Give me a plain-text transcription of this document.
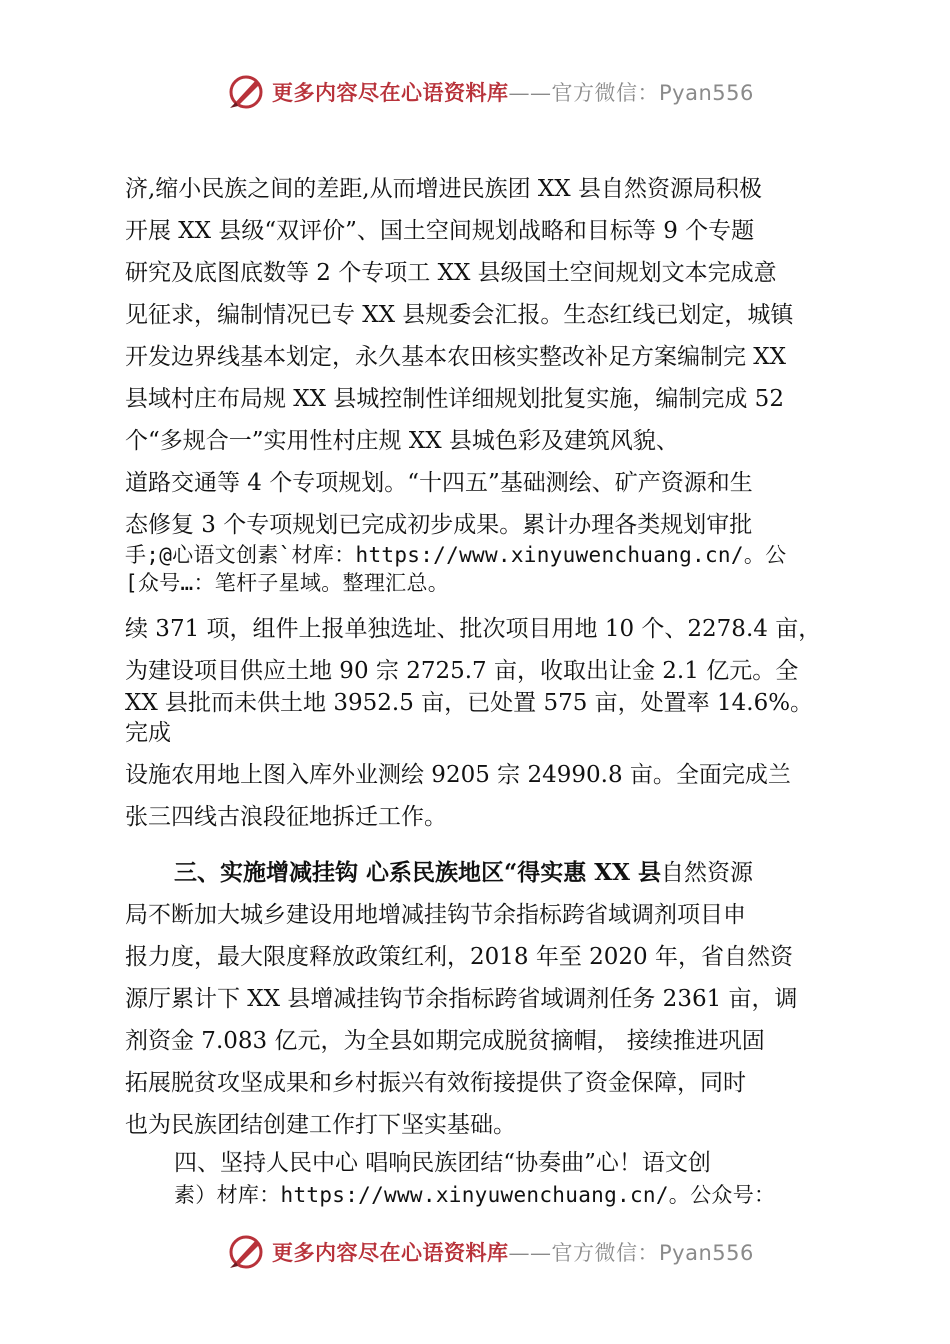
更多内容尽在心语资料库——官方微信：Pyan556
济,缩小民族之间的差距,从而增进民族团 XX 县自然资源局积极
开展 XX 县级“双评价”、国土空间规划战略和目标等 9 个专题
研究及底图底数等 2 个专项工 XX 县级国土空间规划文本完成意
见征求，编制情况已专 XX 县规委会汇报。生态红线已划定，城镇
开发边界线基本划定，永久基本农田核实整改补足方案编制完 XX
县域村庄布局规 XX 县城控制性详细规划批复实施，编制完成 52
个“多规合一”实用性村庄规 XX 县城色彩及建筑风貌、
道路交通等 4 个专项规划。“十四五”基础测绘、矿产资源和生
态修复 3 个专项规划已完成初步成果。累计办理各类规划审批
手;@心语文创素`材库：https://www.xinyuwenchuang.cn/。公
[众号…：笔杆子星域。整理汇总。
续 371 项，组件上报单独选址、批次项目用地 10 个、2278.4 亩，
为建设项目供应土地 90 宗 2725.7 亩，收取出让金 2.1 亿元。全
XX 县批而未供土地 3952.5 亩，已处置 575 亩，处置率 14.6%。
完成
设施农用地上图入库外业测绘 9205 宗 24990.8 亩。全面完成兰
张三四线古浪段征地拆迁工作。
三、实施增减挂钩 心系民族地区“得实惠 XX 县自然资源
局不断加大城乡建设用地增减挂钩节余指标跨省域调剂项目申
报力度，最大限度释放政策红利，2018 年至 2020 年，省自然资
源厅累计下 XX 县增减挂钩节余指标跨省域调剂任务 2361 亩，调
剂资金 7.083 亿元，为全县如期完成脱贫摘帽， 接续推进巩固
拓展脱贫攻坚成果和乡村振兴有效衔接提供了资金保障，同时
也为民族团结创建工作打下坚实基础。
四、坚持人民中心 唱响民族团结“协奏曲”心！语文创
素）材库：https://www.xinyuwenchuang.cn/。公众号：
更多内容尽在心语资料库——官方微信：Pyan556
